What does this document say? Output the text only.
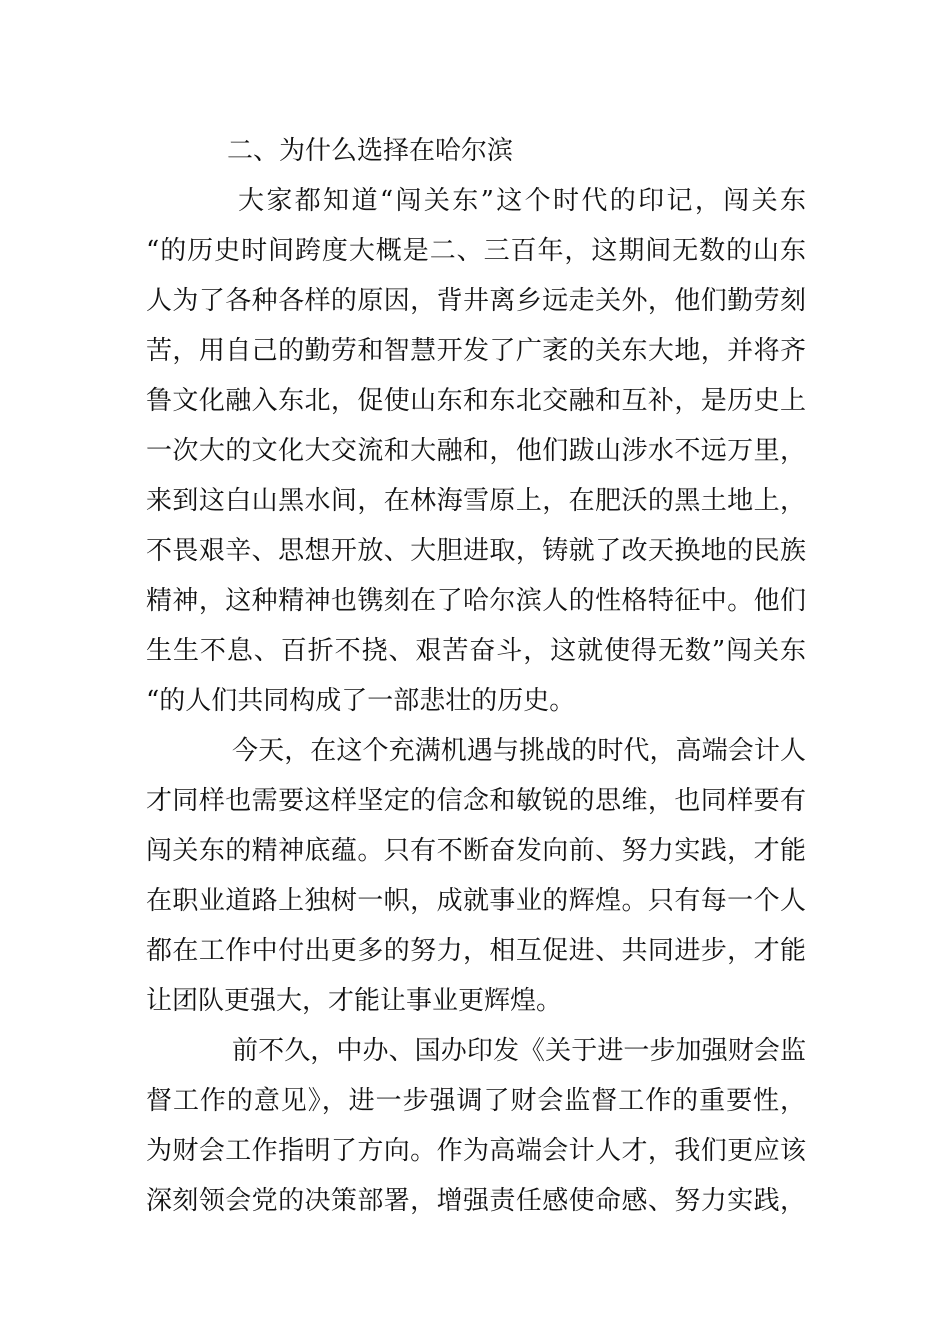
二、为什么选择在哈尔滨
大家都知道“闯关东”这个时代的印记，闯关东
“的历史时间跨度大概是二、三百年，这期间无数的山东
人为了各种各样的原因，背井离乡远走关外，他们勤劳刻
苦，用自己的勤劳和智慧开发了广袤的关东大地，并将齐
鲁文化融入东北，促使山东和东北交融和互补，是历史上
一次大的文化大交流和大融和，他们跋山涉水不远万里，
来到这白山黑水间，在林海雪原上，在肥沃的黑土地上，
不畏艰辛、思想开放、大胆进取，铸就了改天换地的民族
精神，这种精神也镌刻在了哈尔滨人的性格特征中。他们
生生不息、百折不挠、艰苦奋斗，这就使得无数”闯关东
“的人们共同构成了一部悲壮的历史。
今天，在这个充满机遇与挑战的时代，高端会计人
才同样也需要这样坚定的信念和敏锐的思维，也同样要有
闯关东的精神底蕴。只有不断奋发向前、努力实践，才能
在职业道路上独树一帜，成就事业的辉煌。只有每一个人
都在工作中付出更多的努力，相互促进、共同进步，才能
让团队更强大，才能让事业更辉煌。
前不久，中办、国办印发《关于进一步加强财会监
督工作的意见》，进一步强调了财会监督工作的重要性，
为财会工作指明了方向。作为高端会计人才，我们更应该
深刻领会党的决策部署，增强责任感使命感、努力实践，
